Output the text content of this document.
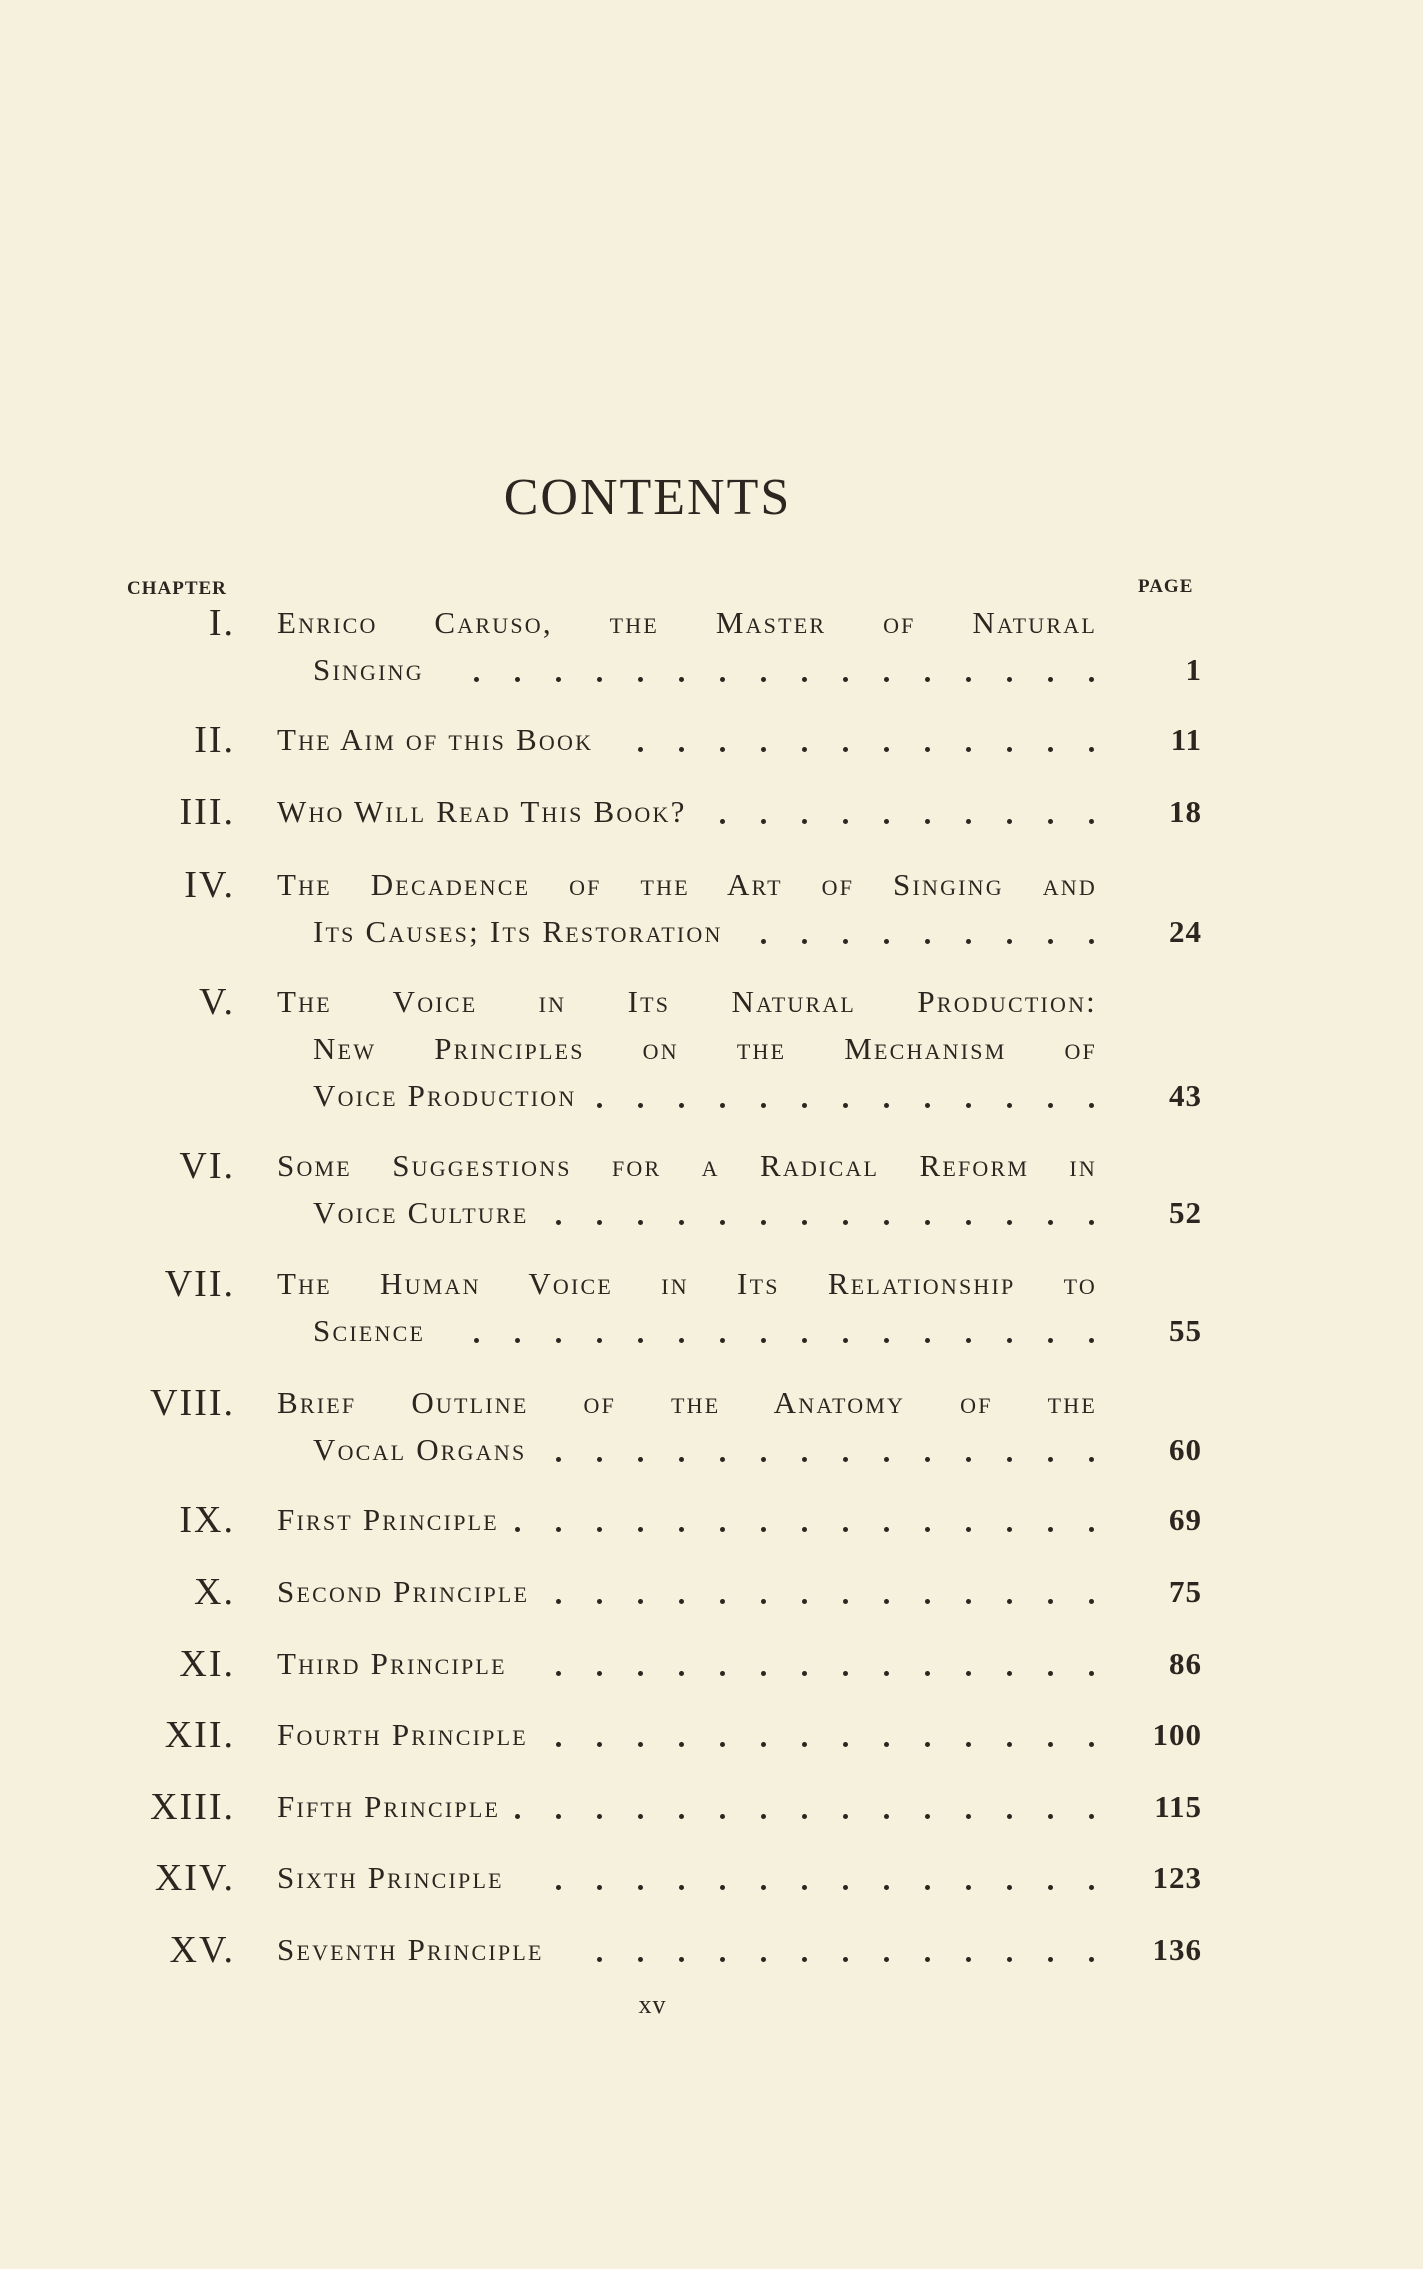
CONTENTS
CHAPTER	PAGE
I. Enrico Caruso, the Master of Natural
Singing	1
II. The Aim of this Book	11
III. Who Will Read This Book?	18
IV. The Decadence of the Art of Singing and
Its Causes; Its Restoration	24
V. The Voice in Its Natural Production:
New Principles on the Mechanism of
Voice Production	43
VI. Some Suggestions for a Radical Reform in
Voice Culture	52
VII. The Human Voice in Its Relationship to
Science	55
VIII. Brief Outline of the Anatomy of the
Vocal Organs	60
IX. First Principle	69
X. Second Principle	75
XI. Third Principle	86
XII. Fourth Principle	100
XIII. Fifth Principle	115
XIV. Sixth Principle	123
XV. Seventh Principle	136
xv
